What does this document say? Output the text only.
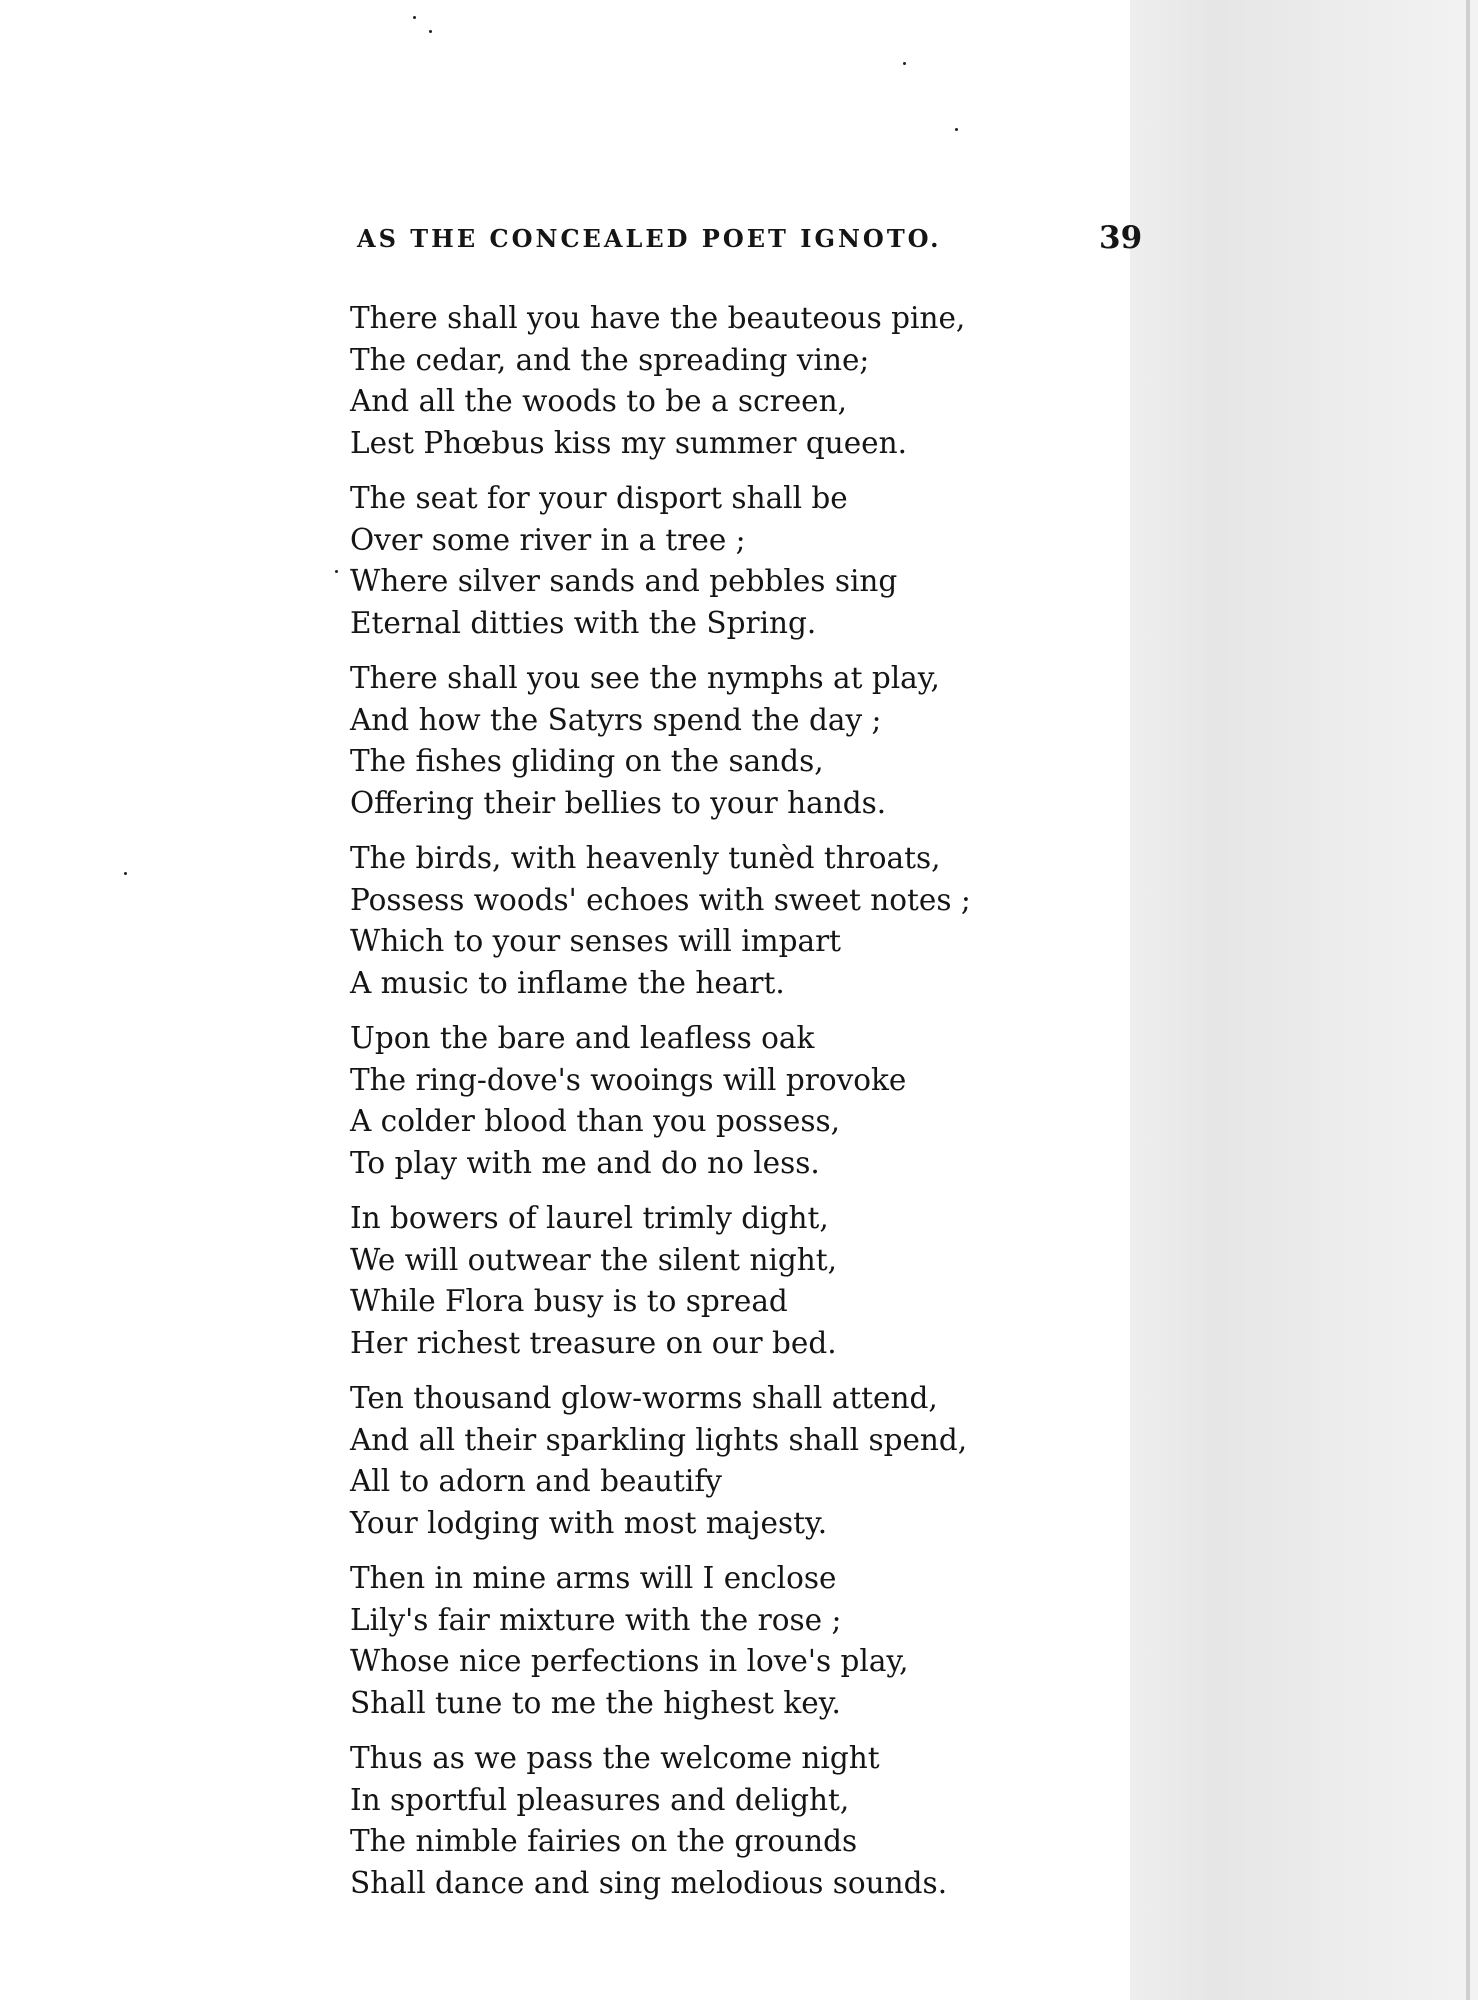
AS THE CONCEALED POET IGNOTO.	39
There shall you have the beauteous pine,
The cedar, and the spreading vine;
And all the woods to be a screen,
Lest Phœbus kiss my summer queen.
The seat for your disport shall be
Over some river in a tree ;
Where silver sands and pebbles sing
Eternal ditties with the Spring.
There shall you see the nymphs at play,
And how the Satyrs spend the day ;
The fishes gliding on the sands,
Offering their bellies to your hands.
The birds, with heavenly tunèd throats,
Possess woods' echoes with sweet notes ;
Which to your senses will impart
A music to inflame the heart.
Upon the bare and leafless oak
The ring-dove's wooings will provoke
A colder blood than you possess,
To play with me and do no less.
In bowers of laurel trimly dight,
We will outwear the silent night,
While Flora busy is to spread
Her richest treasure on our bed.
Ten thousand glow-worms shall attend,
And all their sparkling lights shall spend,
All to adorn and beautify
Your lodging with most majesty.
Then in mine arms will I enclose
Lily's fair mixture with the rose ;
Whose nice perfections in love's play,
Shall tune to me the highest key.
Thus as we pass the welcome night
In sportful pleasures and delight,
The nimble fairies on the grounds
Shall dance and sing melodious sounds.
